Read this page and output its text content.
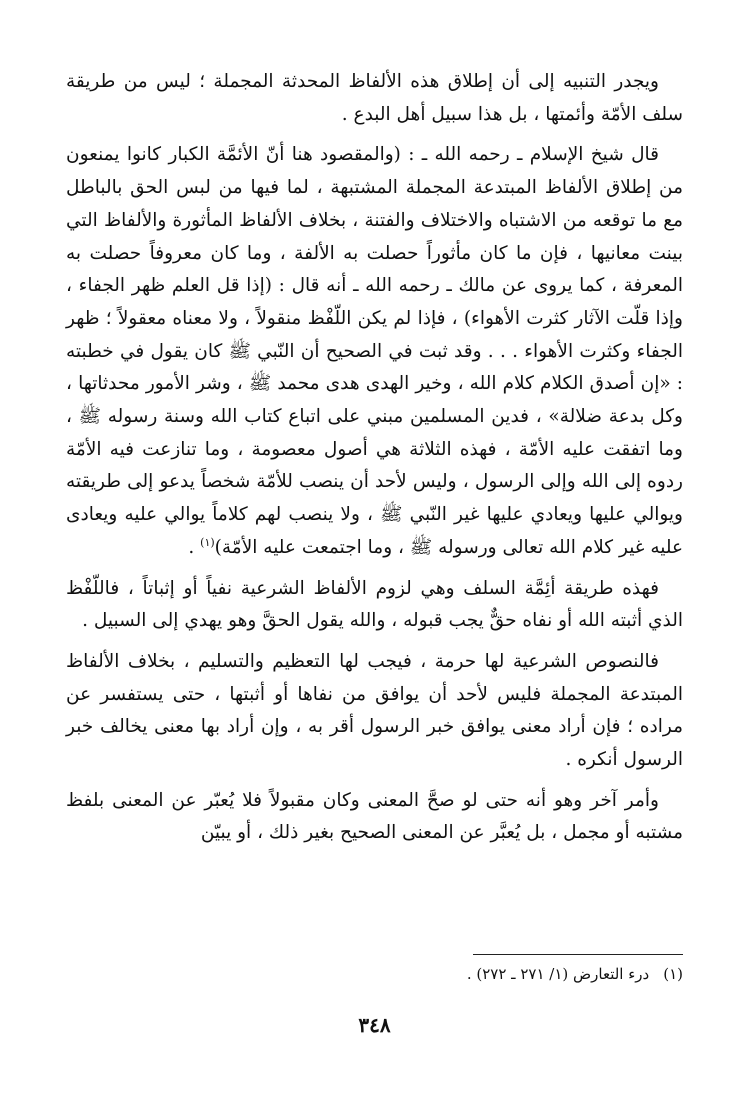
ويجدر التنبيه إلى أن إطلاق هذه الألفاظ المحدثة المجملة ؛ ليس من طريقة سلف الأمّة وأئمتها ، بل هذا سبيل أهل البدع .

قال شيخ الإسلام ـ رحمه الله ـ : (والمقصود هنا أنّ الأئمَّة الكبار كانوا يمنعون من إطلاق الألفاظ المبتدعة المجملة المشتبهة ، لما فيها من لبس الحق بالباطل مع ما توقعه من الاشتباه والاختلاف والفتنة ، بخلاف الألفاظ المأثورة والألفاظ التي بينت معانيها ، فإن ما كان مأثوراً حصلت به الألفة ، وما كان معروفاً حصلت به المعرفة ، كما يروى عن مالك ـ رحمه الله ـ أنه قال : (إذا قل العلم ظهر الجفاء ، وإذا قلّت الآثار كثرت الأهواء) ، فإذا لم يكن اللّفْظ منقولاً ، ولا معناه معقولاً ؛ ظهر الجفاء وكثرت الأهواء . . . وقد ثبت في الصحيح أن النّبي ﷺ كان يقول في خطبته : «إن أصدق الكلام كلام الله ، وخير الهدى هدى محمد ﷺ ، وشر الأمور محدثاتها ، وكل بدعة ضلالة» ، فدين المسلمين مبني على اتباع كتاب الله وسنة رسوله ﷺ ، وما اتفقت عليه الأمّة ، فهذه الثلاثة هي أصول معصومة ، وما تنازعت فيه الأمّة ردوه إلى الله وإلى الرسول ، وليس لأحد أن ينصب للأمّة شخصاً يدعو إلى طريقته ويوالي عليها ويعادي عليها غير النّبي ﷺ ، ولا ينصب لهم كلاماً يوالي عليه ويعادى عليه غير كلام الله تعالى ورسوله ﷺ ، وما اجتمعت عليه الأمّة)$^{(١)}$ .

فهذه طريقة أئِمَّة السلف وهي لزوم الألفاظ الشرعية نفياً أو إثباتاً ، فاللّفْظ الذي أثبته الله أو نفاه حقٌّ يجب قبوله ، والله يقول الحقَّ وهو يهدي إلى السبيل .

فالنصوص الشرعية لها حرمة ، فيجب لها التعظيم والتسليم ، بخلاف الألفاظ المبتدعة المجملة فليس لأحد أن يوافق من نفاها أو أثبتها ، حتى يستفسر عن مراده ؛ فإن أراد معنى يوافق خبر الرسول أقر به ، وإن أراد بها معنى يخالف خبر الرسول أنكره .

وأمر آخر وهو أنه حتى لو صحَّ المعنى وكان مقبولاً فلا يُعبّر عن المعنى بلفظ مشتبه أو مجمل ، بل يُعبَّر عن المعنى الصحيح بغير ذلك ، أو يبيّن

(١)درء التعارض (١/ ٢٧١ ـ ٢٧٢) .
٣٤٨
